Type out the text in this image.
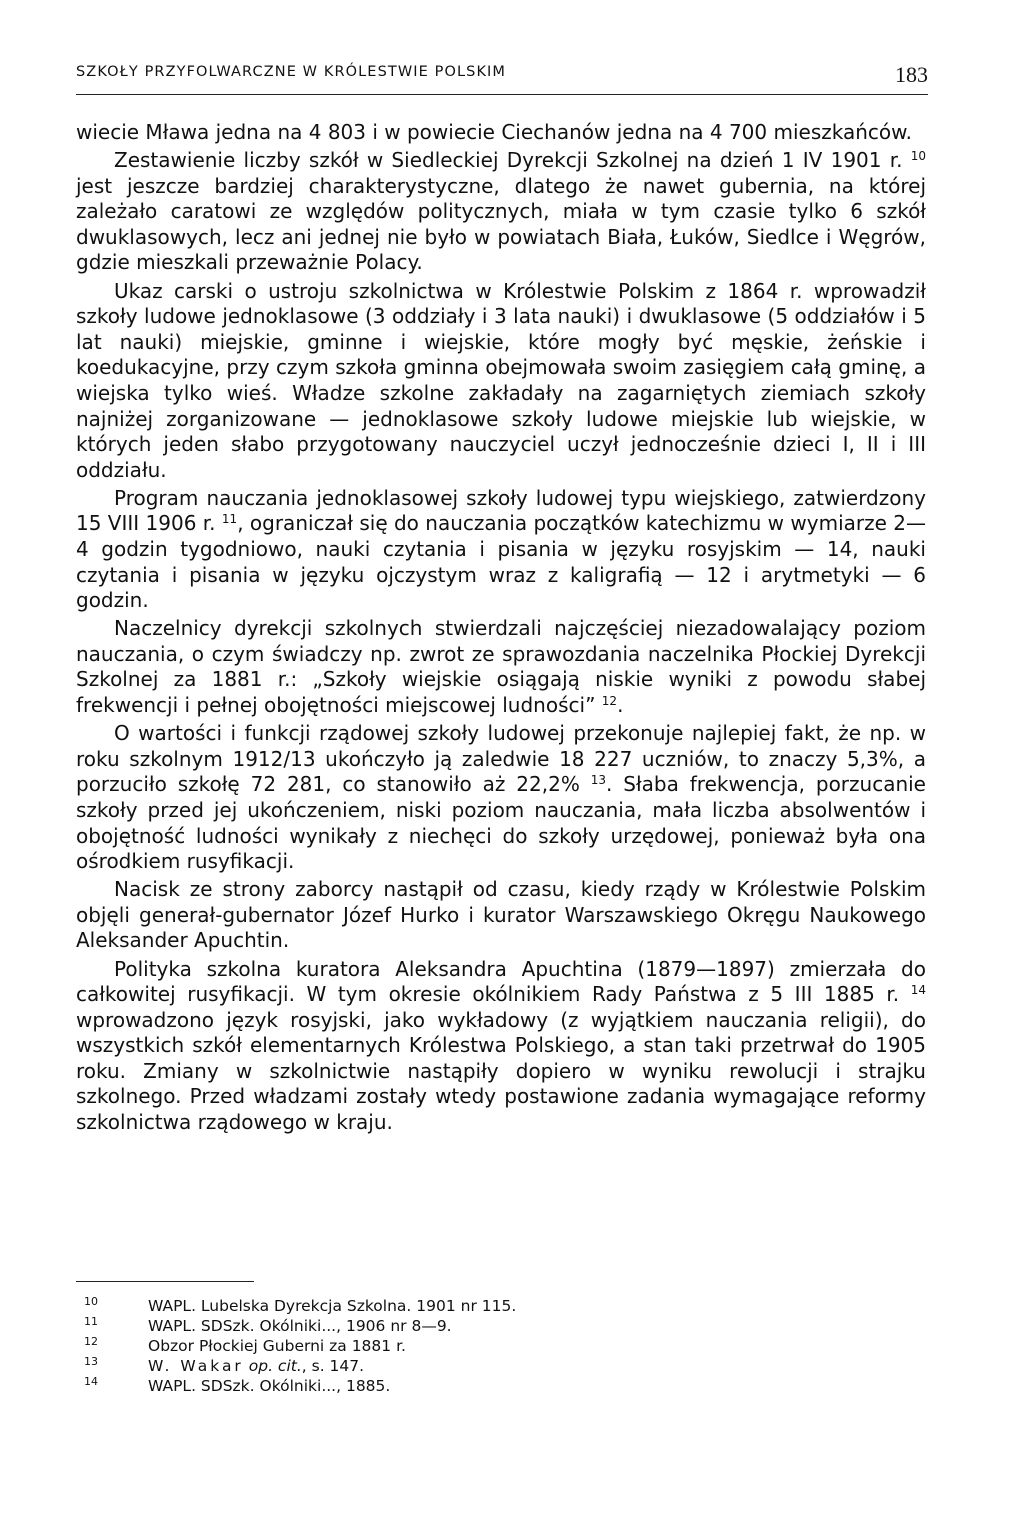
SZKOŁY PRZYFOLWARCZNE W KRÓLESTWIE POLSKIM	183

wiecie Mława jedna na 4 803 i w powiecie Ciechanów jedna na 4 700 mieszkańców.

Zestawienie liczby szkół w Siedleckiej Dyrekcji Szkolnej na dzień 1 IV 1901 r. $^{10}$ jest jeszcze bardziej charakterystyczne, dlatego że nawet gubernia, na której zależało caratowi ze względów politycznych, miała w tym czasie tylko 6 szkół dwuklasowych, lecz ani jednej nie było w powiatach Biała, Łuków, Siedlce i Węgrów, gdzie mieszkali przeważnie Polacy.

Ukaz carski o ustroju szkolnictwa w Królestwie Polskim z 1864 r. wprowadził szkoły ludowe jednoklasowe (3 oddziały i 3 lata nauki) i dwuklasowe (5 oddziałów i 5 lat nauki) miejskie, gminne i wiejskie, które mogły być męskie, żeńskie i koedukacyjne, przy czym szkoła gminna obejmowała swoim zasięgiem całą gminę, a wiejska tylko wieś. Władze szkolne zakładały na zagarniętych ziemiach szkoły najniżej zorganizowane — jednoklasowe szkoły ludowe miejskie lub wiejskie, w których jeden słabo przygotowany nauczyciel uczył jednocześnie dzieci I, II i III oddziału.

Program nauczania jednoklasowej szkoły ludowej typu wiejskiego, zatwierdzony 15 VIII 1906 r. $^{11}$, ograniczał się do nauczania początków katechizmu w wymiarze 2—4 godzin tygodniowo, nauki czytania i pisania w języku rosyjskim — 14, nauki czytania i pisania w języku ojczystym wraz z kaligrafią — 12 i arytmetyki — 6 godzin.

Naczelnicy dyrekcji szkolnych stwierdzali najczęściej niezadowalający poziom nauczania, o czym świadczy np. zwrot ze sprawozdania naczelnika Płockiej Dyrekcji Szkolnej za 1881 r.: „Szkoły wiejskie osiągają niskie wyniki z powodu słabej frekwencji i pełnej obojętności miejscowej ludności” $^{12}$.

O wartości i funkcji rządowej szkoły ludowej przekonuje najlepiej fakt, że np. w roku szkolnym 1912/13 ukończyło ją zaledwie 18 227 uczniów, to znaczy 5,3%, a porzuciło szkołę 72 281, co stanowiło aż 22,2% $^{13}$. Słaba frekwencja, porzucanie szkoły przed jej ukończeniem, niski poziom nauczania, mała liczba absolwentów i obojętność ludności wynikały z niechęci do szkoły urzędowej, ponieważ była ona ośrodkiem rusyfikacji.

Nacisk ze strony zaborcy nastąpił od czasu, kiedy rządy w Królestwie Polskim objęli generał-gubernator Józef Hurko i kurator Warszawskiego Okręgu Naukowego Aleksander Apuchtin.

Polityka szkolna kuratora Aleksandra Apuchtina (1879—1897) zmierzała do całkowitej rusyfikacji. W tym okresie okólnikiem Rady Państwa z 5 III 1885 r. $^{14}$ wprowadzono język rosyjski, jako wykładowy (z wyjątkiem nauczania religii), do wszystkich szkół elementarnych Królestwa Polskiego, a stan taki przetrwał do 1905 roku. Zmiany w szkolnictwie nastąpiły dopiero w wyniku rewolucji i strajku szkolnego. Przed władzami zostały wtedy postawione zadania wymagające reformy szkolnictwa rządowego w kraju.

10	WAPL. Lubelska Dyrekcja Szkolna. 1901 nr 115.
11	WAPL. SDSzk. Okólniki..., 1906 nr 8—9.
12	Obzor Płockiej Guberni za 1881 r.
13	W. Wakar op. cit., s. 147.
14	WAPL. SDSzk. Okólniki..., 1885.
